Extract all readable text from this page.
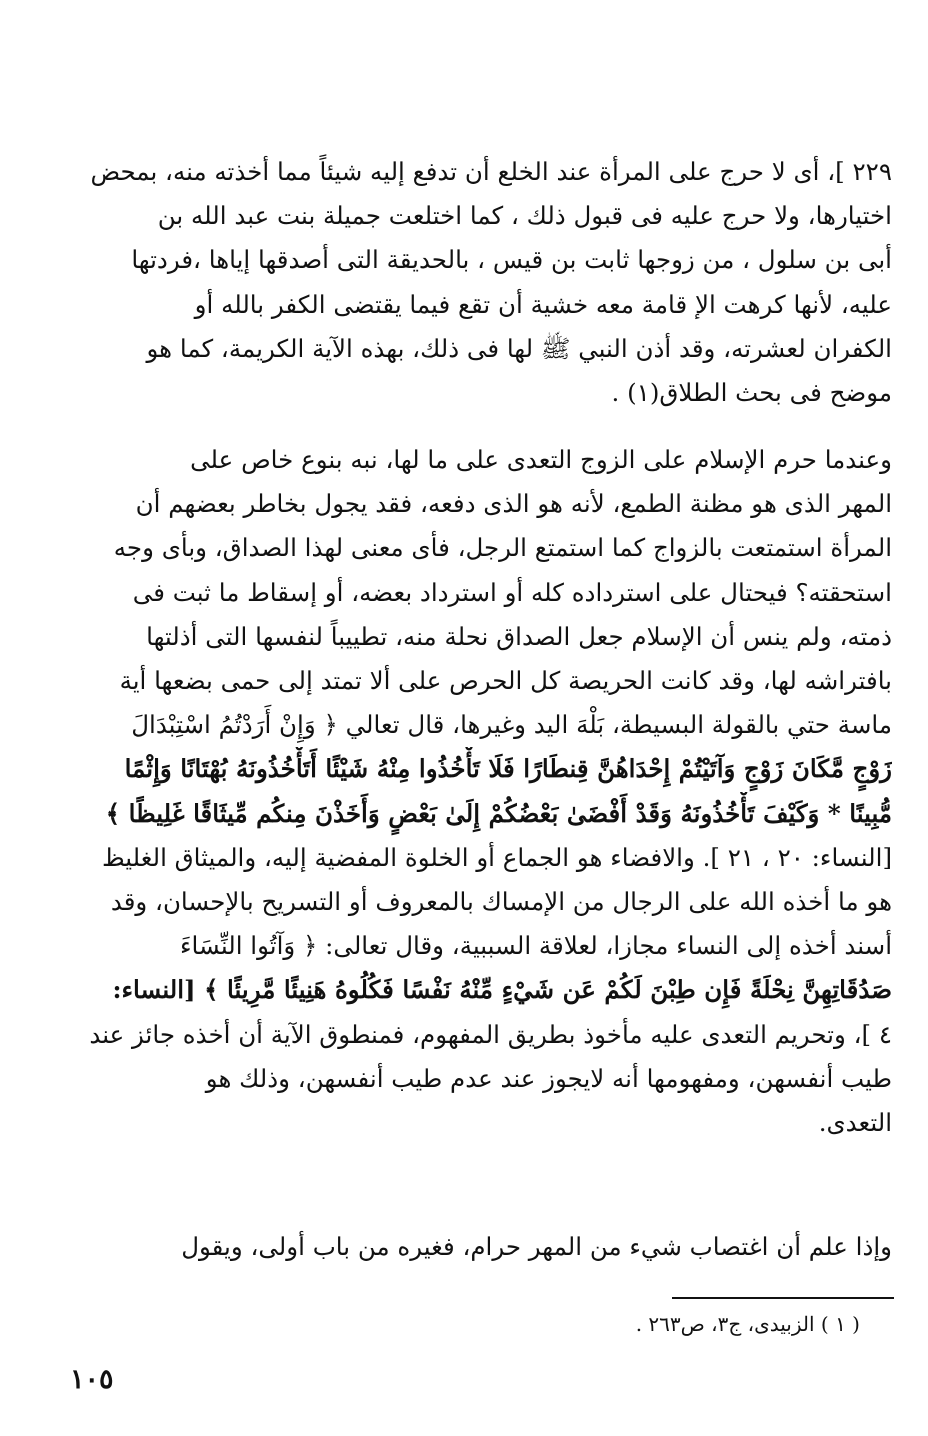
٢٢٩ ]، أى لا حرج على المرأة عند الخلع أن تدفع إليه شيئاً مما أخذته منه، بمحض
اختيارها، ولا حرج عليه فى قبول ذلك ، كما اختلعت جميلة بنت عبد الله بن
أبى بن سلول ، من زوجها ثابت بن قيس ، بالحديقة التى أصدقها إياها ،فردتها
عليه، لأنها كرهت الإ قامة معه خشية أن تقع فيما يقتضى الكفر بالله أو
الكفران لعشرته، وقد أذن النبي ﷺ لها فى ذلك، بهذه الآية الكريمة، كما هو
موضح فى بحث الطلاق(١) .
وعندما حرم الإسلام على الزوج التعدى على ما لها، نبه بنوع خاص على
المهر الذى هو مظنة الطمع، لأنه هو الذى دفعه، فقد يجول بخاطر بعضهم أن
المرأة استمتعت بالزواج كما استمتع الرجل، فأى معنى لهذا الصداق، وبأى وجه
استحقته؟ فيحتال على استرداده كله أو استرداد بعضه، أو إسقاط ما ثبت فى
ذمته، ولم ينس أن الإسلام جعل الصداق نحلة منه، تطييباً لنفسها التى أذلتها
بافتراشه لها، وقد كانت الحريصة كل الحرص على ألا تمتد إلى حمى بضعها أية
ماسة حتي بالقولة البسيطة، بَلْهَ اليد وغيرها، قال تعالي ﴿ وَإِنْ أَرَدْتُمُ اسْتِبْدَالَ
زَوْجٍ مَّكَانَ زَوْجٍ وَآتَيْتُمْ إِحْدَاهُنَّ قِنطَارًا فَلَا تَأْخُذُوا مِنْهُ شَيْئًا أَتَأْخُذُونَهُ بُهْتَانًا وَإِثْمًا
مُّبِينًا * وَكَيْفَ تَأْخُذُونَهُ وَقَدْ أَفْضَىٰ بَعْضُكُمْ إِلَىٰ بَعْضٍ وَأَخَذْنَ مِنكُم مِّيثَاقًا غَلِيظًا ﴾
[النساء: ٢٠ ، ٢١ ]. والافضاء هو الجماع أو الخلوة المفضية إليه، والميثاق الغليظ
هو ما أخذه الله على الرجال من الإمساك بالمعروف أو التسريح بالإحسان، وقد
أسند أخذه إلى النساء مجازا، لعلاقة السببية، وقال تعالى: ﴿ وَآتُوا النِّسَاءَ
صَدُقَاتِهِنَّ نِحْلَةً فَإِن طِبْنَ لَكُمْ عَن شَيْءٍ مِّنْهُ نَفْسًا فَكُلُوهُ هَنِيئًا مَّرِيئًا ﴾ [النساء:
٤ ]، وتحريم التعدى عليه مأخوذ بطريق المفهوم، فمنطوق الآية أن أخذه جائز عند
طيب أنفسهن، ومفهومها أنه لايجوز عند عدم طيب أنفسهن، وذلك هو
التعدى.
وإذا علم أن اغتصاب شيء من المهر حرام، فغيره من باب أولى، ويقول
( ١ ) الزبيدى، ج٣، ص٢٦٣ .
١٠٥
